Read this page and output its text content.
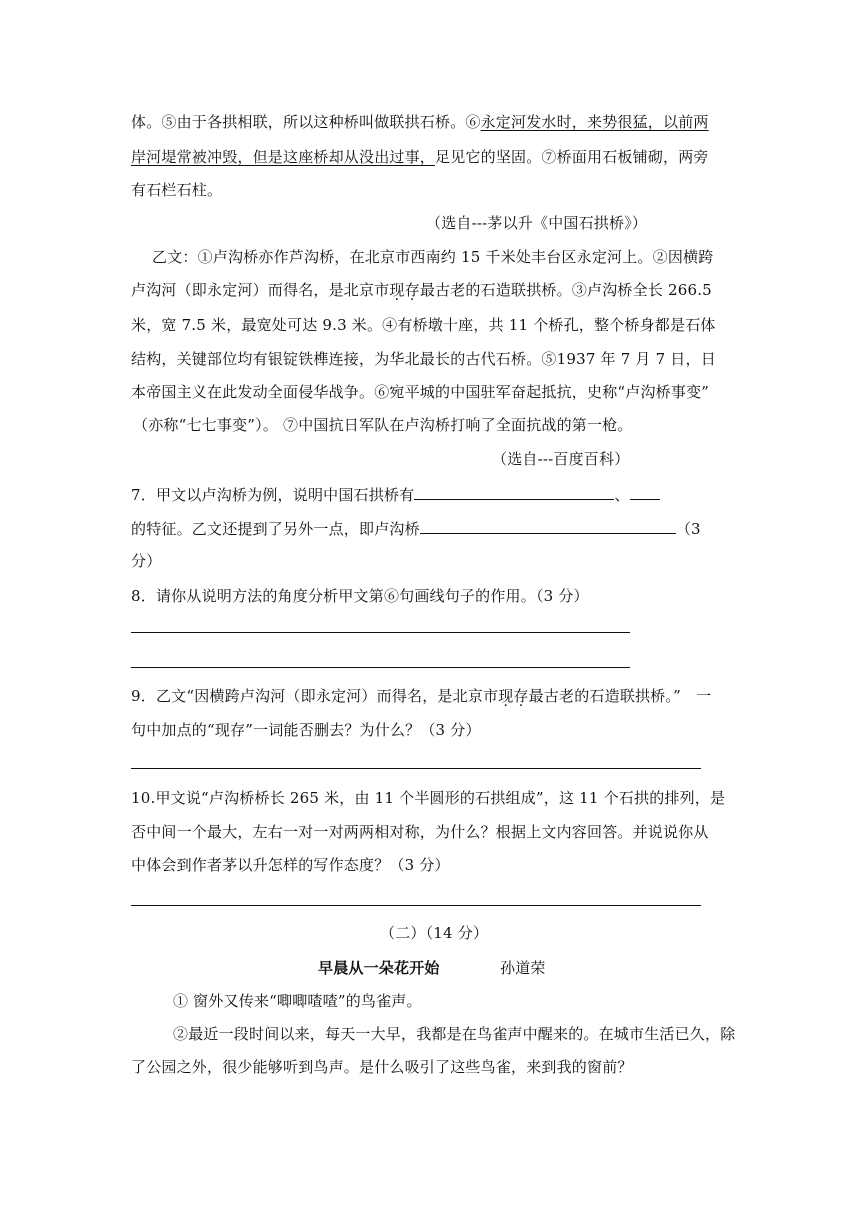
体。⑤由于各拱相联，所以这种桥叫做联拱石桥。⑥永定河发水时，来势很猛，以前两
岸河堤常被冲毁，但是这座桥却从没出过事，足见它的坚固。⑦桥面用石板铺砌，两旁
有石栏石柱。
（选自---茅以升《中国石拱桥》）
乙文：①卢沟桥亦作芦沟桥，在北京市西南约 15 千米处丰台区永定河上。②因横跨
卢沟河（即永定河）而得名，是北京市现存最古老的石造联拱桥。③卢沟桥全长 266.5
米，宽 7.5 米，最宽处可达 9.3 米。④有桥墩十座，共 11 个桥孔，整个桥身都是石体
结构，关键部位均有银锭铁榫连接，为华北最长的古代石桥。⑤1937 年 7 月 7 日，日
本帝国主义在此发动全面侵华战争。⑥宛平城的中国驻军奋起抵抗，史称“卢沟桥事变”
（亦称“七七事变”）。 ⑦中国抗日军队在卢沟桥打响了全面抗战的第一枪。
（选自---百度百科）
7．甲文以卢沟桥为例，说明中国石拱桥有	、
的特征。乙文还提到了另外一点，即卢沟桥	（3
分）
8．请你从说明方法的角度分析甲文第⑥句画线句子的作用。（3 分）
9．乙文“因横跨卢沟河（即永定河）而得名，是北京市现存最古老的石造联拱桥。”　一
句中加点的“现存”一词能否删去？为什么？（3 分）
10.甲文说“卢沟桥桥长 265 米，由 11 个半圆形的石拱组成”，这 11 个石拱的排列，是
否中间一个最大，左右一对一对两两相对称，为什么？根据上文内容回答。并说说你从
中体会到作者茅以升怎样的写作态度？（3 分）
（二）（14 分）
早晨从一朵花开始	孙道荣
① 窗外又传来“唧唧喳喳”的鸟雀声。
②最近一段时间以来，每天一大早，我都是在鸟雀声中醒来的。在城市生活已久，除
了公园之外，很少能够听到鸟声。是什么吸引了这些鸟雀，来到我的窗前？
